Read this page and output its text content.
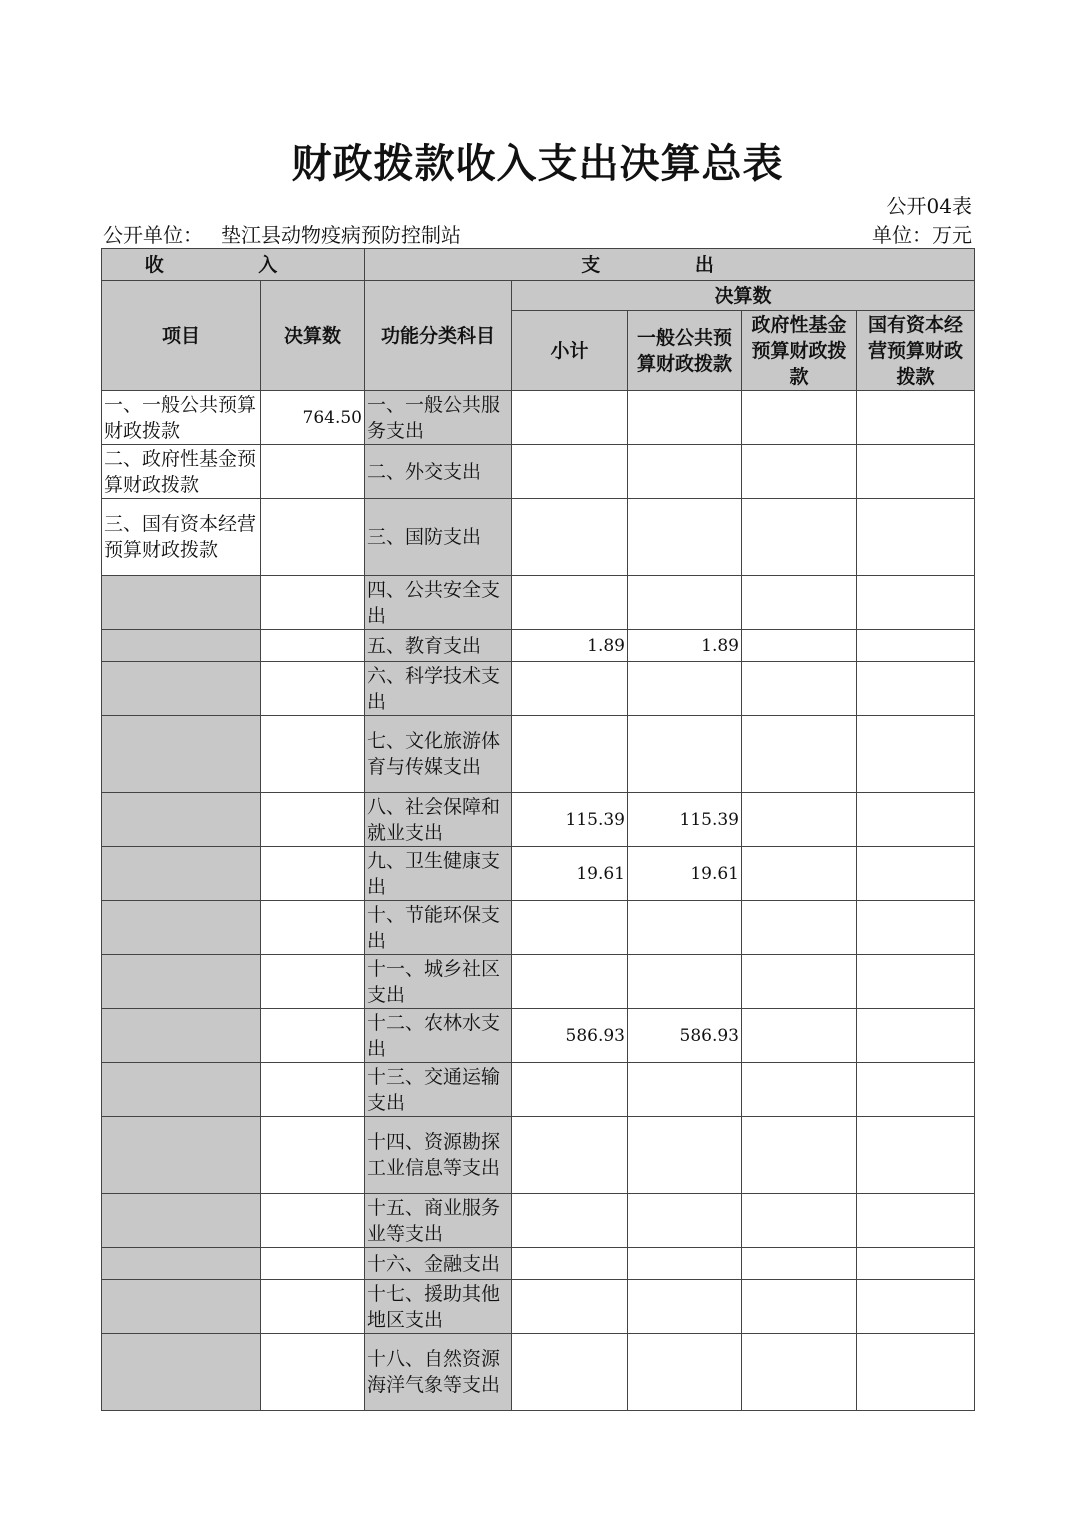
财政拨款收入支出决算总表
公开04表
公开单位： 垫江县动物疫病预防控制站	单位：万元
收 入		支 出				
项目	决算数	功能分类科目	决算数			
			小计	一般公共预算财政拨款	政府性基金预算财政拨款	国有资本经营预算财政拨款
一、一般公共预算财政拨款	764.50	一、一般公共服务支出				
二、政府性基金预算财政拨款		二、外交支出				
三、国有资本经营预算财政拨款		三、国防支出				
		四、公共安全支出				
		五、教育支出	1.89	1.89		
		六、科学技术支出				
		七、文化旅游体育与传媒支出				
		八、社会保障和就业支出	115.39	115.39		
		九、卫生健康支出	19.61	19.61		
		十、节能环保支出				
		十一、城乡社区支出				
		十二、农林水支出	586.93	586.93		
		十三、交通运输支出				
		十四、资源勘探工业信息等支出				
		十五、商业服务业等支出				
		十六、金融支出				
		十七、援助其他地区支出				
		十八、自然资源海洋气象等支出				
